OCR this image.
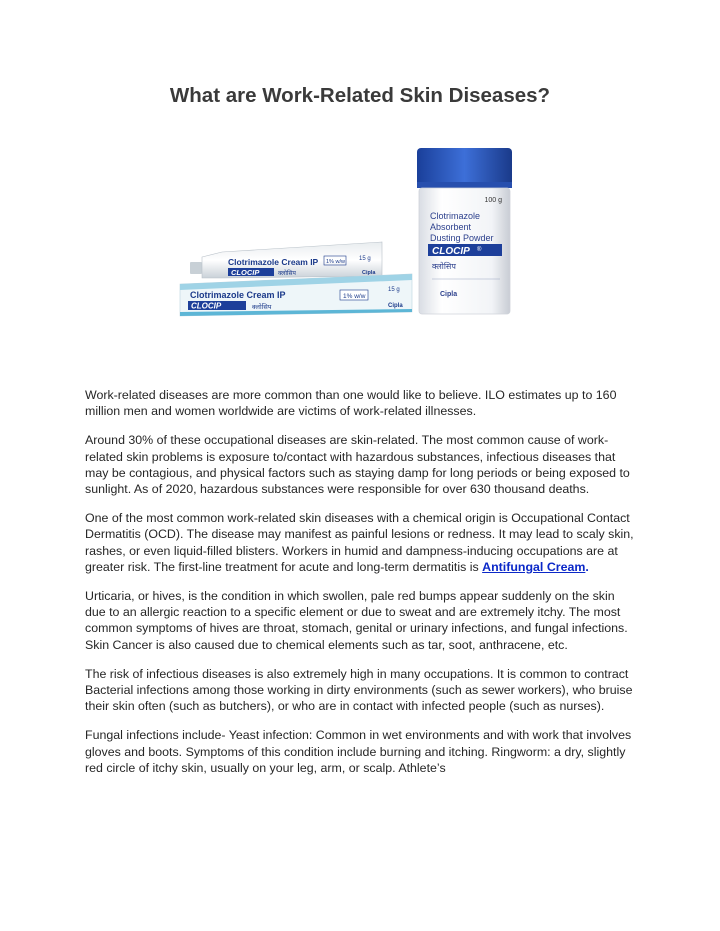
What are Work-Related Skin Diseases?
100 g
Clotrimazole
Absorbent
Dusting Powder
CLOCIP ®
क्लोसिप
Cipla
Clotrimazole Cream IP 1% w/w 15 g
CLOCIP	क्लोसिप	Cipla
Clotrimazole Cream IP	1% w/w
15 g
CLOCIP	क्लोसिप	Cipla

Work-related diseases are more common than one would like to believe. ILO estimates up to 160 million men and women worldwide are victims of work-related illnesses.

Around 30% of these occupational diseases are skin-related. The most common cause of work-related skin problems is exposure to/contact with hazardous substances, infectious diseases that may be contagious, and physical factors such as staying damp for long periods or being exposed to sunlight. As of 2020, hazardous substances were responsible for over 630 thousand deaths.

One of the most common work-related skin diseases with a chemical origin is Occupational Contact Dermatitis (OCD). The disease may manifest as painful lesions or redness. It may lead to scaly skin, rashes, or even liquid-filled blisters. Workers in humid and dampness-inducing occupations are at greater risk. The first-line treatment for acute and long-term dermatitis is Antifungal Cream.

Urticaria, or hives, is the condition in which swollen, pale red bumps appear suddenly on the skin due to an allergic reaction to a specific element or due to sweat and are extremely itchy. The most common symptoms of hives are throat, stomach, genital or urinary infections, and fungal infections. Skin Cancer is also caused due to chemical elements such as tar, soot, anthracene, etc.

The risk of infectious diseases is also extremely high in many occupations. It is common to contract Bacterial infections among those working in dirty environments (such as sewer workers), who bruise their skin often (such as butchers), or who are in contact with infected people (such as nurses).

Fungal infections include- Yeast infection: Common in wet environments and with work that involves gloves and boots. Symptoms of this condition include burning and itching. Ringworm: a dry, slightly red circle of itchy skin, usually on your leg, arm, or scalp. Athlete’s
